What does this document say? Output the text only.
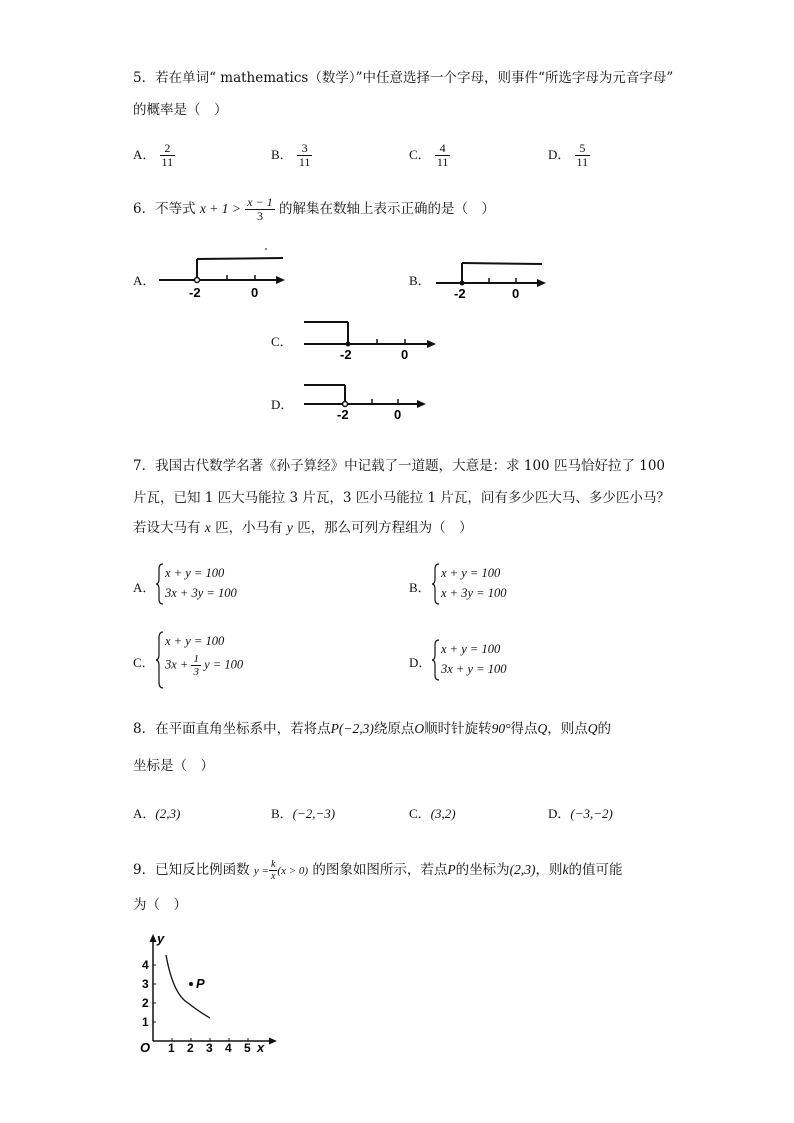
5．若在单词“ mathematics（数学）”中任意选择一个字母，则事件“所选字母为元音字母”
的概率是（　）
A． $\frac{2}{11}$	B． $\frac{3}{11}$	C． $\frac{4}{11}$	D． $\frac{5}{11}$
6．不等式 $x + 1 > \frac{x - 1}{3}$ 的解集在数轴上表示正确的是（　）
A．
-2	0
B．
-2	0
C．
-2	0
D．
-2	0
7．我国古代数学名著《孙子算经》中记载了一道题，大意是：求 100 匹马恰好拉了 100
片瓦，已知 1 匹大马能拉 3 片瓦，3 匹小马能拉 1 片瓦，问有多少匹大马、多少匹小马？
若设大马有 x 匹，小马有 y 匹，那么可列方程组为（　）
A．
x + y = 100
3x + 3y = 100	B．
x + y = 100
x + 3y = 100
C．
x + y = 100
$3x + \frac{1}{3}$ y = 100	D．
x + y = 100
3x + y = 100
8．在平面直角坐标系中，若将点P(−2,3)绕原点O顺时针旋转90°得点Q，则点Q的
坐标是（　）
A．(2,3)	B．(−2,−3)	C．(3,2)	D．(−3,−2)
9．已知反比例函数 $y = \frac{k}{x} (x > 0)$ 的图象如图所示，若点P的坐标为(2,3)，则k的值可能
为（　）
P
y
x
O 1 2 3 4 5
1
2
3
4
